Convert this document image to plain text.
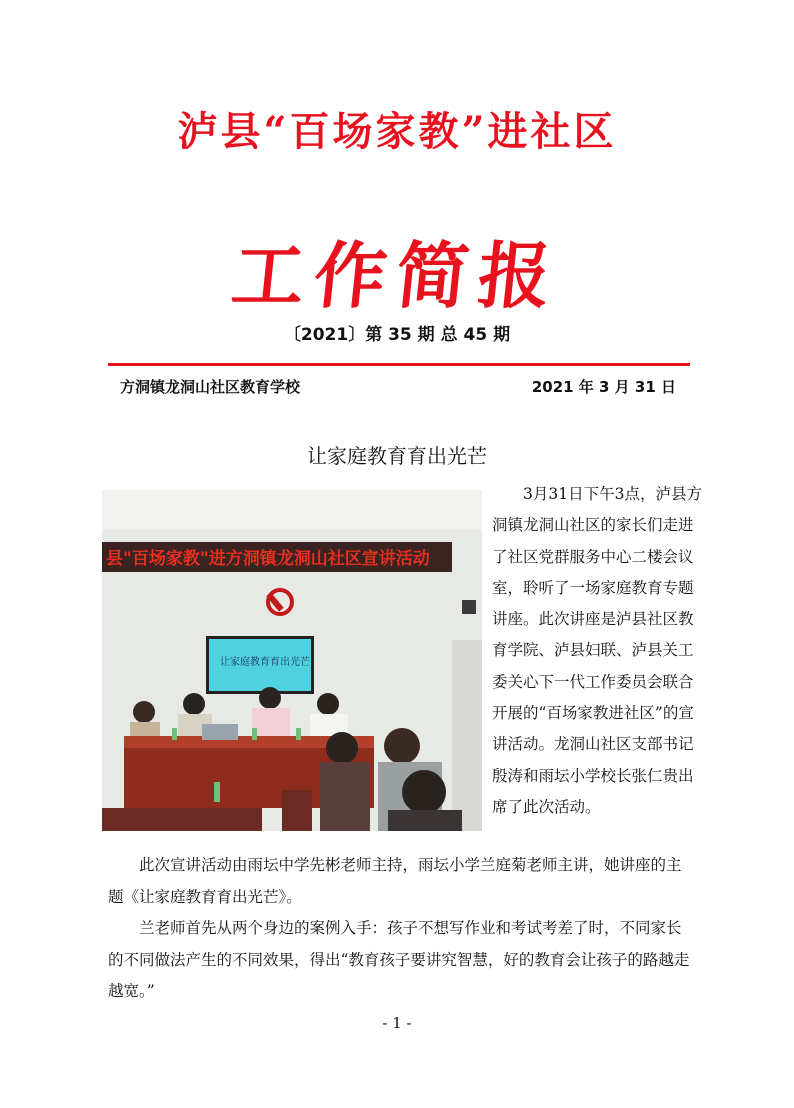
泸县“百场家教”进社区
工作简报
〔2021〕第 35 期 总 45 期
方洞镇龙洞山社区教育学校	2021 年 3 月 31 日
让家庭教育育出光芒
县"百场家教"进方洞镇龙洞山社区宣讲活动
让家庭教育育出光芒

3月31日下午3点，泸县方洞镇龙洞山社区的家长们走进了社区党群服务中心二楼会议室，聆听了一场家庭教育专题讲座。此次讲座是泸县社区教育学院、泸县妇联、泸县关工委关心下一代工作委员会联合开展的“百场家教进社区”的宣讲活动。龙洞山社区支部书记殷涛和雨坛小学校长张仁贵出席了此次活动。

此次宣讲活动由雨坛中学先彬老师主持，雨坛小学兰庭菊老师主讲，她讲座的主题《让家庭教育育出光芒》。

兰老师首先从两个身边的案例入手：孩子不想写作业和考试考差了时，不同家长的不同做法产生的不同效果，得出“教育孩子要讲究智慧，好的教育会让孩子的路越走越宽。”

- 1 -
